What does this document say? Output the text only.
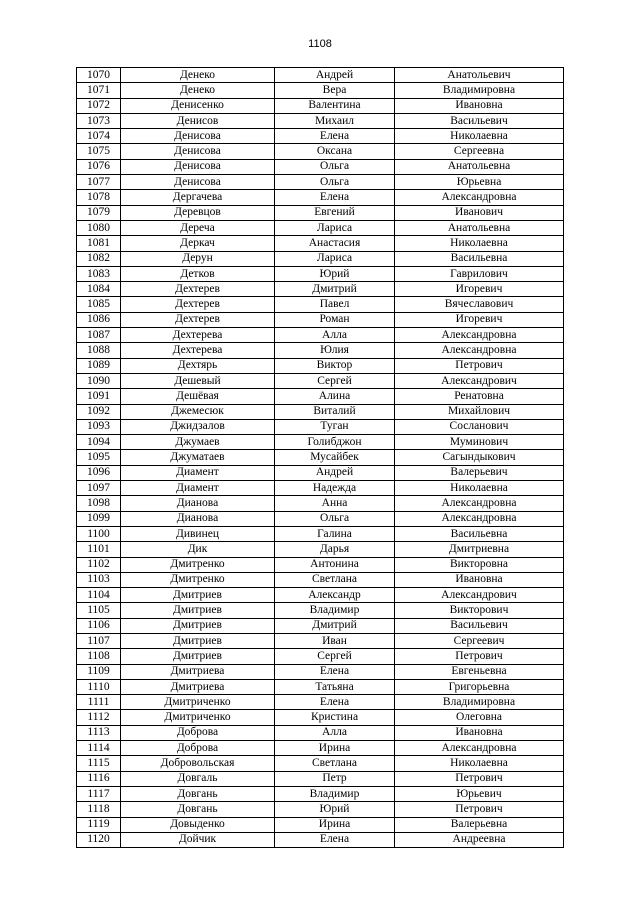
1108
1070	Денеко	Андрей	Анатольевич
1071	Денеко	Вера	Владимировна
1072	Денисенко	Валентина	Ивановна
1073	Денисов	Михаил	Васильевич
1074	Денисова	Елена	Николаевна
1075	Денисова	Оксана	Сергеевна
1076	Денисова	Ольга	Анатольевна
1077	Денисова	Ольга	Юрьевна
1078	Дергачева	Елена	Александровна
1079	Деревцов	Евгений	Иванович
1080	Дереча	Лариса	Анатольевна
1081	Деркач	Анастасия	Николаевна
1082	Дерун	Лариса	Васильевна
1083	Детков	Юрий	Гаврилович
1084	Дехтерев	Дмитрий	Игоревич
1085	Дехтерев	Павел	Вячеславович
1086	Дехтерев	Роман	Игоревич
1087	Дехтерева	Алла	Александровна
1088	Дехтерева	Юлия	Александровна
1089	Дехтярь	Виктор	Петрович
1090	Дешевый	Сергей	Александрович
1091	Дешёвая	Алина	Ренатовна
1092	Джемесюк	Виталий	Михайлович
1093	Джидзалов	Туган	Сосланович
1094	Джумаев	Голибджон	Муминович
1095	Джуматаев	Мусайбек	Сагындыкович
1096	Диамент	Андрей	Валерьевич
1097	Диамент	Надежда	Николаевна
1098	Дианова	Анна	Александровна
1099	Дианова	Ольга	Александровна
1100	Дивинец	Галина	Васильевна
1101	Дик	Дарья	Дмитриевна
1102	Дмитренко	Антонина	Викторовна
1103	Дмитренко	Светлана	Ивановна
1104	Дмитриев	Александр	Александрович
1105	Дмитриев	Владимир	Викторович
1106	Дмитриев	Дмитрий	Васильевич
1107	Дмитриев	Иван	Сергеевич
1108	Дмитриев	Сергей	Петрович
1109	Дмитриева	Елена	Евгеньевна
1110	Дмитриева	Татьяна	Григорьевна
1111	Дмитриченко	Елена	Владимировна
1112	Дмитриченко	Кристина	Олеговна
1113	Доброва	Алла	Ивановна
1114	Доброва	Ирина	Александровна
1115	Добровольская	Светлана	Николаевна
1116	Довгаль	Петр	Петрович
1117	Довгань	Владимир	Юрьевич
1118	Довгань	Юрий	Петрович
1119	Довыденко	Ирина	Валерьевна
1120	Дойчик	Елена	Андреевна
